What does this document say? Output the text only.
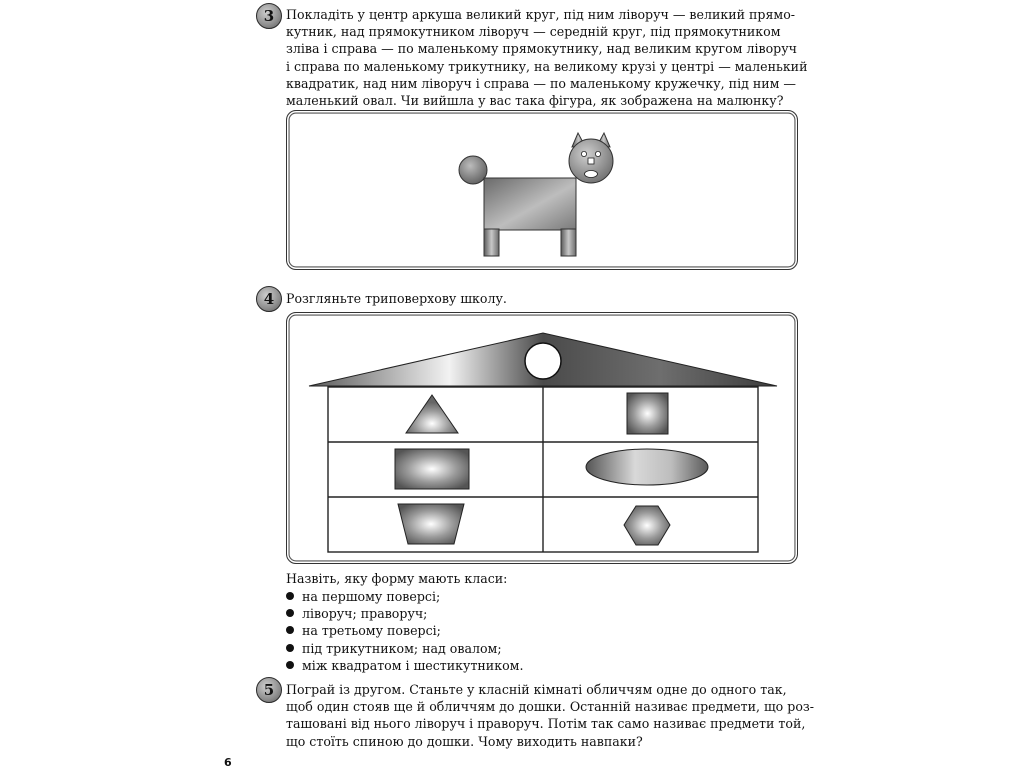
3 Покладіть у центр аркуша великий круг, під ним ліворуч — великий прямо-
кутник, над прямокутником ліворуч — середній круг, під прямокутником
зліва і справа — по маленькому прямокутнику, над великим кругом ліворуч
і справа по маленькому трикутнику, на великому крузі у центрі — маленький
квадратик, над ним ліворуч і справа — по маленькому кружечку, під ним —
маленький овал. Чи вийшла у вас така фігура, як зображена на малюнку?
4 Розгляньте триповерхову школу.
Назвіть, яку форму мають класи:
на першому поверсі;
ліворуч; праворуч;
на третьому поверсі;
під трикутником; над овалом;
між квадратом і шестикутником.
5 Пограй із другом. Станьте у класній кімнаті обличчям одне до одного так,
щоб один стояв ще й обличчям до дошки. Останній називає предмети, що роз-
ташовані від нього ліворуч і праворуч. Потім так само називає предмети той,
що стоїть спиною до дошки. Чому виходить навпаки?
6
